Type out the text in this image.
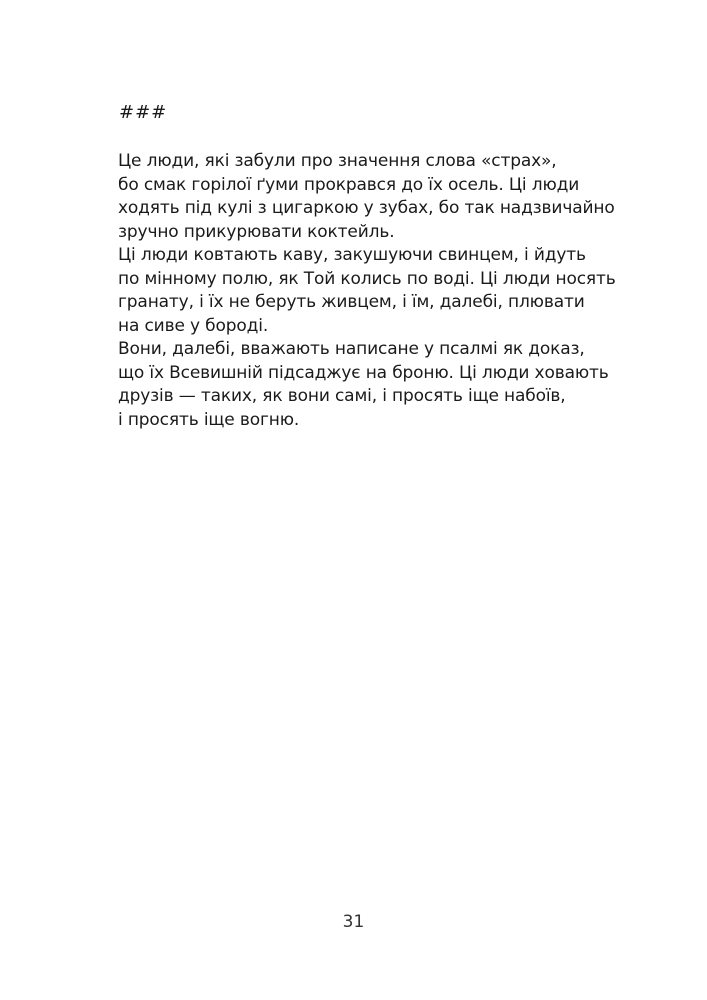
###
Це люди, які забули про значення слова «страх»,
бо смак горілої ґуми прокрався до їх осель. Ці люди
ходять під кулі з цигаркою у зубах, бо так надзвичайно
зручно прикурювати коктейль.
Ці люди ковтають каву, закушуючи свинцем, і йдуть
по мінному полю, як Той колись по воді. Ці люди носять
гранату, і їх не беруть живцем, і їм, далебі, плювати
на сиве у бороді.
Вони, далебі, вважають написане у псалмі як доказ,
що їх Всевишній підсаджує на броню. Ці люди ховають
друзів — таких, як вони самі, і просять іще набоїв,
і просять іще вогню.
31
